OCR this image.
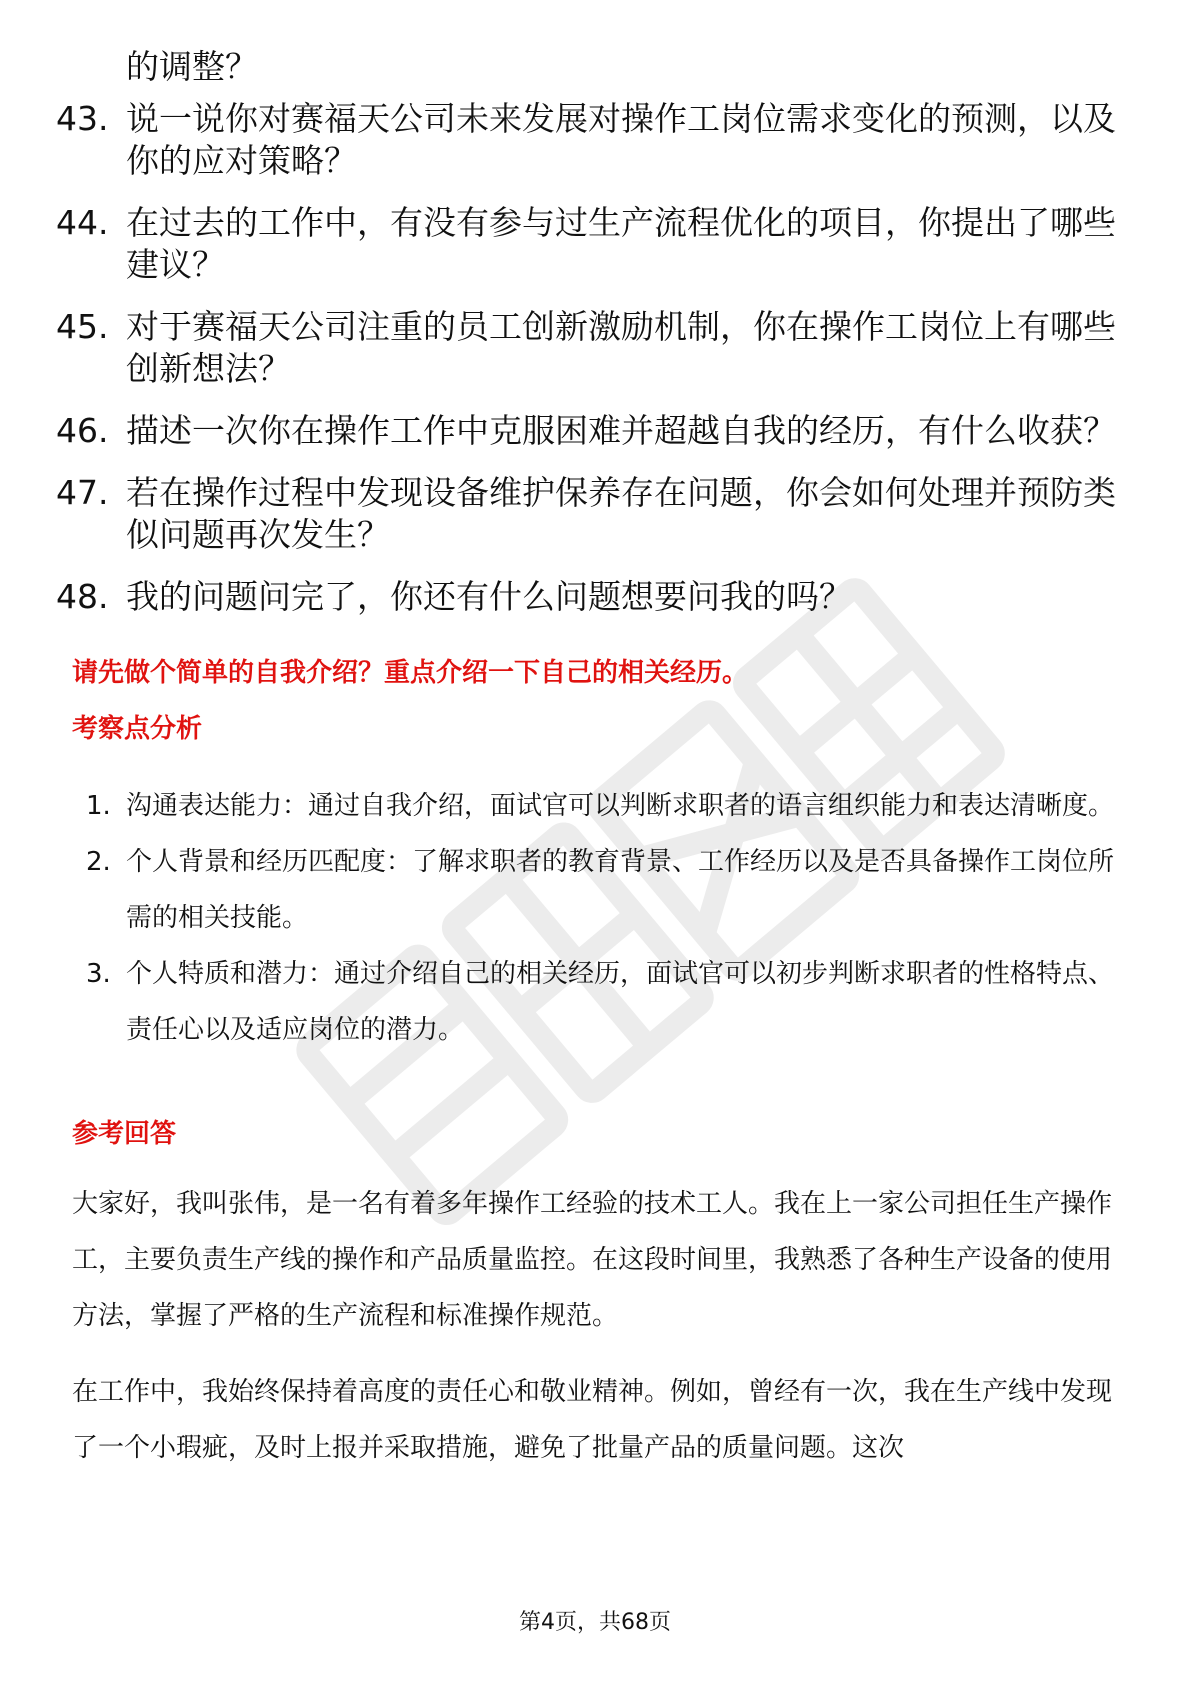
的调整？
43. 说一说你对赛福天公司未来发展对操作工岗位需求变化的预测，以及你的应对策略？
44. 在过去的工作中，有没有参与过生产流程优化的项目，你提出了哪些建议？
45. 对于赛福天公司注重的员工创新激励机制，你在操作工岗位上有哪些创新想法？
46. 描述一次你在操作工作中克服困难并超越自我的经历，有什么收获？
47. 若在操作过程中发现设备维护保养存在问题，你会如何处理并预防类似问题再次发生？
48. 我的问题问完了，你还有什么问题想要问我的吗？
请先做个简单的自我介绍？重点介绍一下自己的相关经历。
考察点分析
1. 沟通表达能力：通过自我介绍，面试官可以判断求职者的语言组织能力和表达清晰度。
2. 个人背景和经历匹配度：了解求职者的教育背景、工作经历以及是否具备操作工岗位所需的相关技能。
3. 个人特质和潜力：通过介绍自己的相关经历，面试官可以初步判断求职者的性格特点、责任心以及适应岗位的潜力。
参考回答

大家好，我叫张伟，是一名有着多年操作工经验的技术工人。我在上一家公司担任生产操作工，主要负责生产线的操作和产品质量监控。在这段时间里，我熟悉了各种生产设备的使用方法，掌握了严格的生产流程和标准操作规范。

在工作中，我始终保持着高度的责任心和敬业精神。例如，曾经有一次，我在生产线中发现了一个小瑕疵，及时上报并采取措施，避免了批量产品的质量问题。这次

第4页，共68页
